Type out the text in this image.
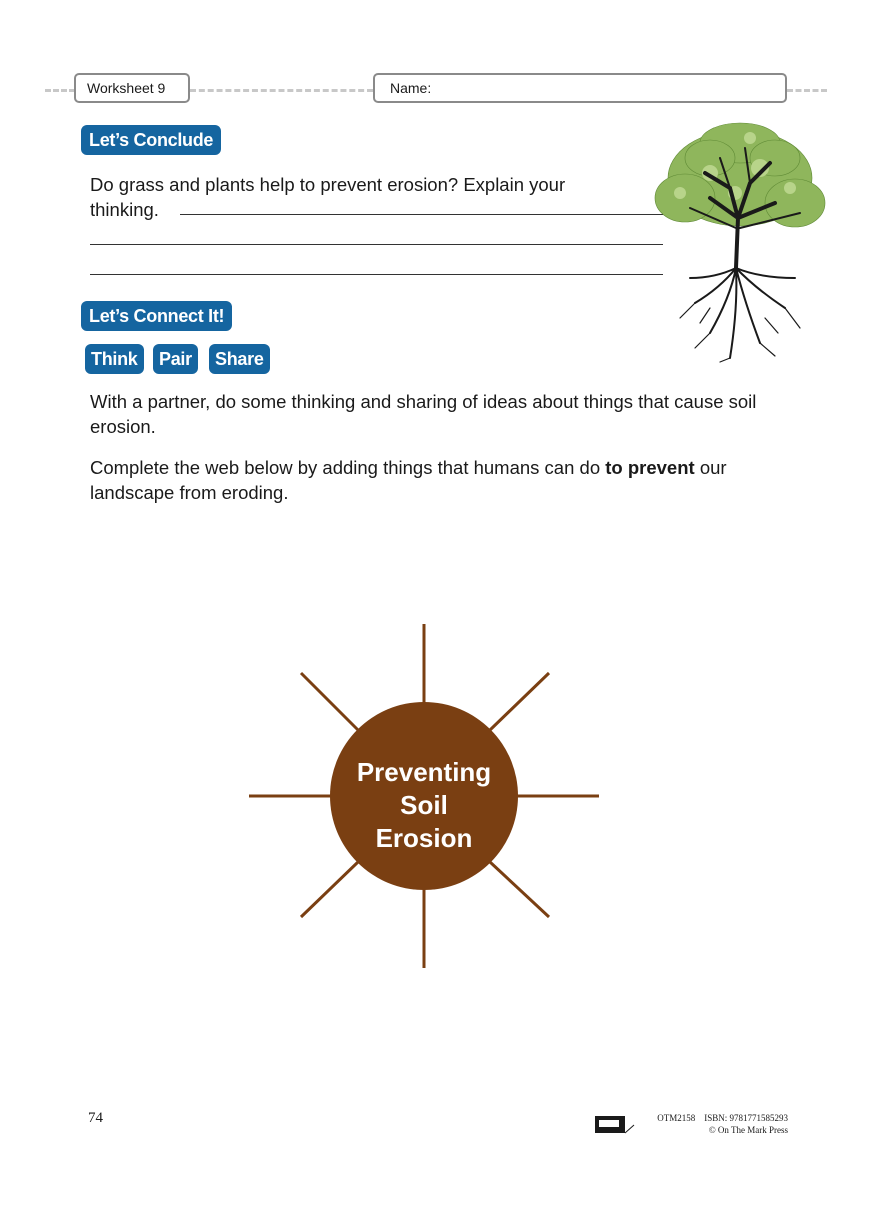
Worksheet 9	Name:
Let’s Conclude
Do grass and plants help to prevent erosion? Explain your
thinking.
Let’s Connect It!
Think	Pair	Share
With a partner, do some thinking and sharing of ideas about things that cause soil erosion.
Complete the web below by adding things that humans can do to prevent our landscape from eroding.
Preventing
Soil
Erosion
74	OTM2158    ISBN: 9781771585293
© On The Mark Press
